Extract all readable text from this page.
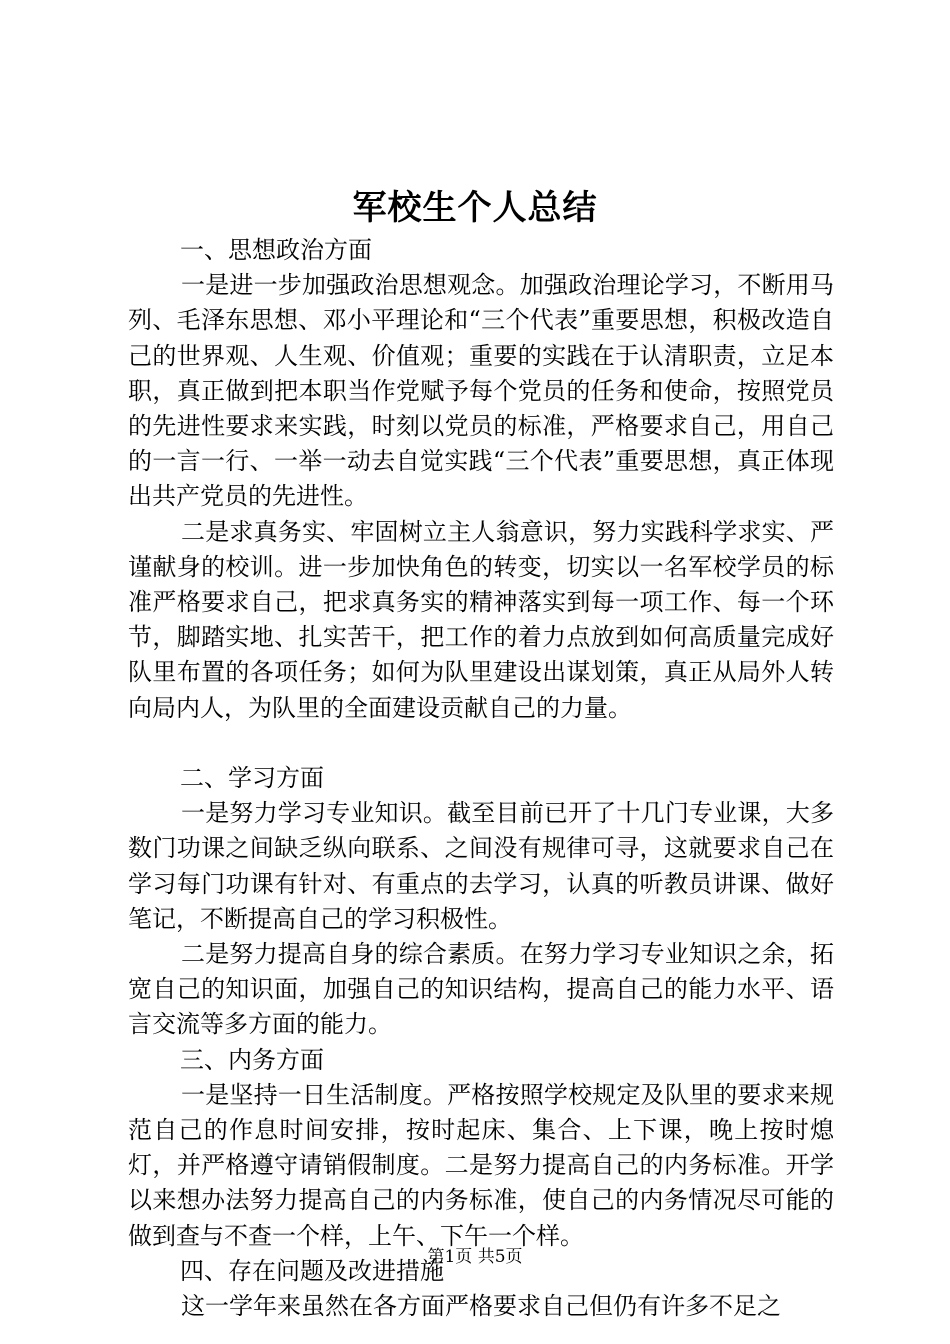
军校生个人总结

一、思想政治方面

一是进一步加强政治思想观念。加强政治理论学习，不断用马列、毛泽东思想、邓小平理论和“三个代表”重要思想，积极改造自己的世界观、人生观、价值观；重要的实践在于认清职责，立足本职，真正做到把本职当作党赋予每个党员的任务和使命，按照党员的先进性要求来实践，时刻以党员的标准，严格要求自己，用自己的一言一行、一举一动去自觉实践“三个代表”重要思想，真正体现出共产党员的先进性。

二是求真务实、牢固树立主人翁意识，努力实践科学求实、严谨献身的校训。进一步加快角色的转变，切实以一名军校学员的标准严格要求自己，把求真务实的精神落实到每一项工作、每一个环节，脚踏实地、扎实苦干，把工作的着力点放到如何高质量完成好队里布置的各项任务；如何为队里建设出谋划策，真正从局外人转向局内人，为队里的全面建设贡献自己的力量。

二、学习方面

一是努力学习专业知识。截至目前已开了十几门专业课，大多数门功课之间缺乏纵向联系、之间没有规律可寻，这就要求自己在学习每门功课有针对、有重点的去学习，认真的听教员讲课、做好笔记，不断提高自己的学习积极性。

二是努力提高自身的综合素质。在努力学习专业知识之余，拓宽自己的知识面，加强自己的知识结构，提高自己的能力水平、语言交流等多方面的能力。

三、内务方面

一是坚持一日生活制度。严格按照学校规定及队里的要求来规范自己的作息时间安排，按时起床、集合、上下课，晚上按时熄灯，并严格遵守请销假制度。二是努力提高自己的内务标准。开学以来想办法努力提高自己的内务标准，使自己的内务情况尽可能的做到查与不查一个样，上午、下午一个样。

四、存在问题及改进措施

这一学年来虽然在各方面严格要求自己但仍有许多不足之

第1页 共5页
